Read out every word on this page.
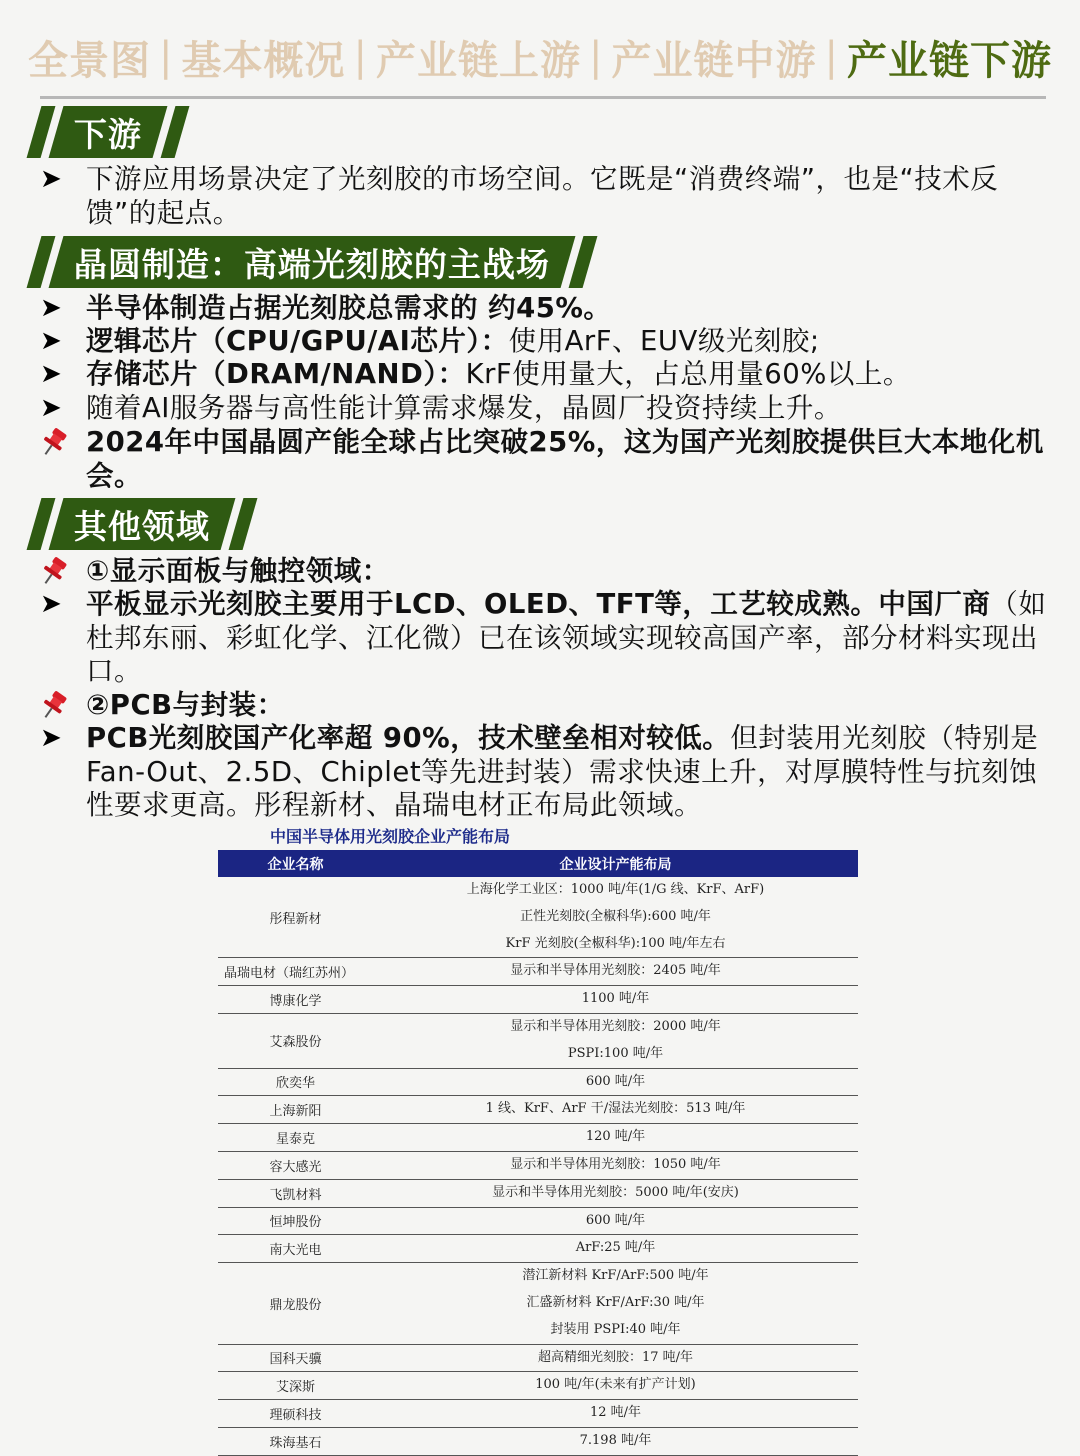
全景图 | 基本概况 | 产业链上游 | 产业链中游 | 产业链下游
下游
➤ 下游应用场景决定了光刻胶的市场空间。它既是“消费终端”，也是“技术反馈”的起点。
晶圆制造：高端光刻胶的主战场
➤ 半导体制造占据光刻胶总需求的 约45%。
➤ 逻辑芯片（CPU/GPU/AI芯片）：使用ArF、EUV级光刻胶;
➤ 存储芯片（DRAM/NAND）：KrF使用量大，占总用量60%以上。
➤ 随着AI服务器与高性能计算需求爆发，晶圆厂投资持续上升。
2024年中国晶圆产能全球占比突破25%，这为国产光刻胶提供巨大本地化机会。
其他领域
①显示面板与触控领域：
➤ 平板显示光刻胶主要用于LCD、OLED、TFT等，工艺较成熟。中国厂商（如杜邦东丽、彩虹化学、江化微）已在该领域实现较高国产率，部分材料实现出口。
②PCB与封装：
➤ PCB光刻胶国产化率超 90%，技术壁垒相对较低。但封装用光刻胶（特别是Fan-Out、2.5D、Chiplet等先进封装）需求快速上升，对厚膜特性与抗刻蚀性要求更高。彤程新材、晶瑞电材正布局此领域。
中国半导体用光刻胶企业产能布局
企业名称	企业设计产能布局
彤程新材	上海化学工业区：1000 吨/年(1/G 线、KrF、ArF)
正性光刻胶(全椒科华):600 吨/年
KrF 光刻胶(全椒科华):100 吨/年左右

晶瑞电材（瑞红苏州）	显示和半导体用光刻胶：2405 吨/年

博康化学	1100 吨/年

艾森股份	显示和半导体用光刻胶：2000 吨/年
PSPI:100 吨/年

欣奕华	600 吨/年

上海新阳	1 线、KrF、ArF 干/湿法光刻胶：513 吨/年

星泰克	120 吨/年

容大感光	显示和半导体用光刻胶：1050 吨/年

飞凯材料	显示和半导体用光刻胶：5000 吨/年(安庆)

恒坤股份	600 吨/年

南大光电	ArF:25 吨/年

鼎龙股份	潜江新材料 KrF/ArF:500 吨/年
汇盛新材料 KrF/ArF:30 吨/年
封装用 PSPI:40 吨/年

国科天骥	超高精细光刻胶：17 吨/年

艾深斯	100 吨/年(未来有扩产计划)

理硕科技	12 吨/年

珠海基石	7.198 吨/年
